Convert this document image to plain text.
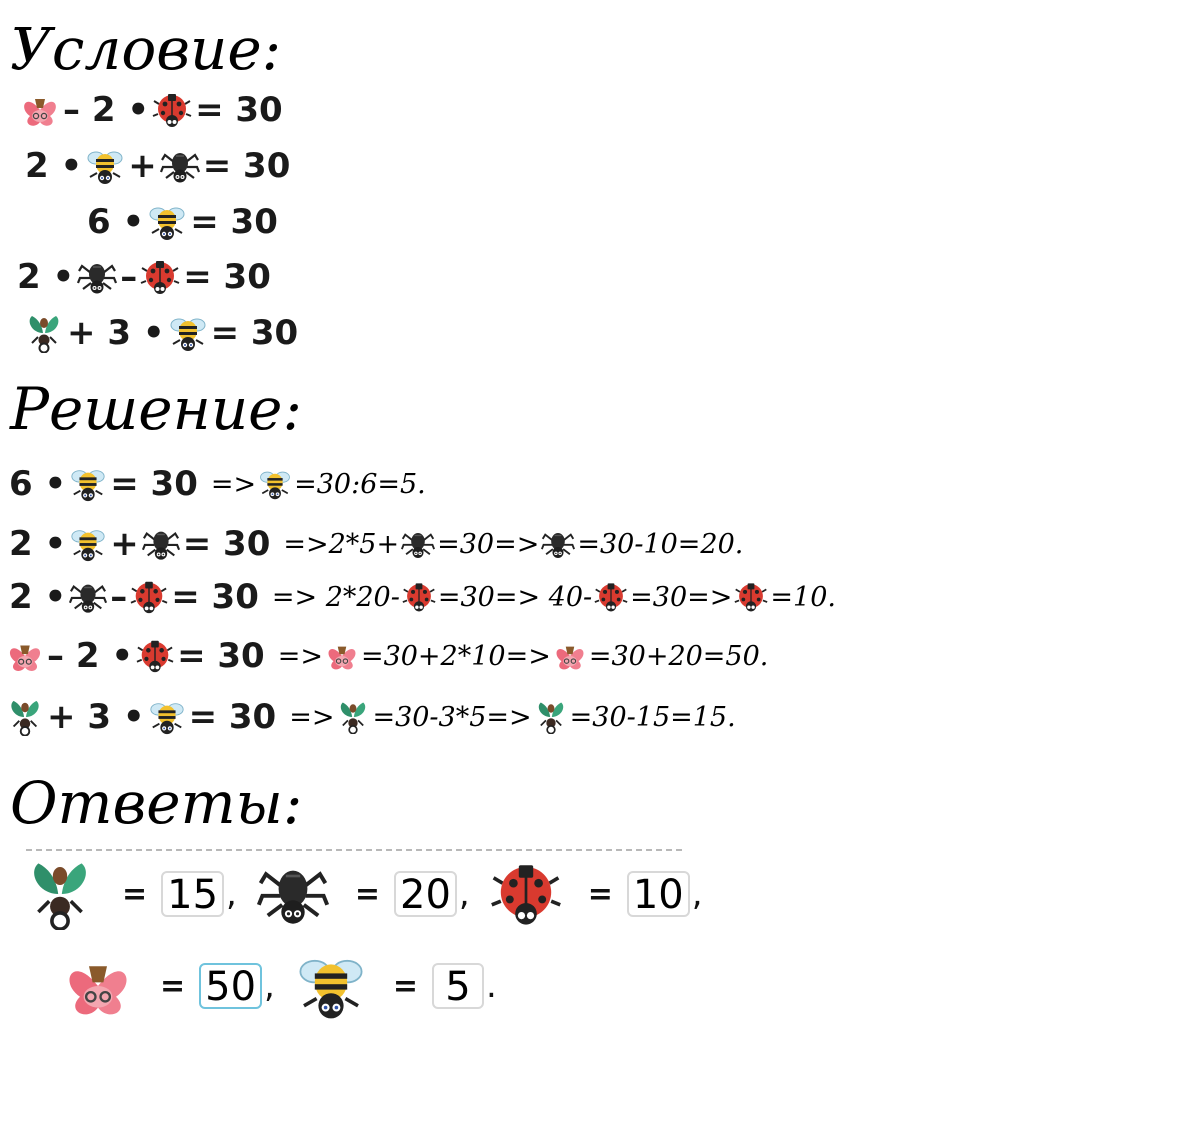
Условие:
– 2 • = 30
2 • + = 30
6 • = 30
2 • – = 30
+ 3 • = 30
Решение:
6 • = 30 => =30:6=5.
2 • + = 30 =>2*5+ =30=> =30-10=20.
2 • – = 30 => 2*20- =30=> 40- =30=> =10.
– 2 • = 30 => =30+2*10=> =30+20=50.
+ 3 • = 30 => =30-3*5=> =30-15=15.
Ответы:
= 15 ,	= 20 ,	= 10 ,
= 50 ,	= 5 .
